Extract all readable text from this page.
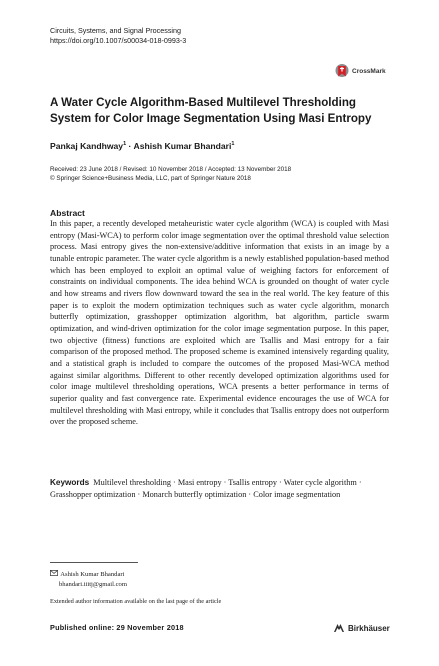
Circuits, Systems, and Signal Processing
https://doi.org/10.1007/s00034-018-0993-3
CrossMark
A Water Cycle Algorithm-Based Multilevel Thresholding System for Color Image Segmentation Using Masi Entropy
Pankaj Kandhway$^1$ · Ashish Kumar Bhandari$^1$
Received: 23 June 2018 / Revised: 10 November 2018 / Accepted: 13 November 2018
© Springer Science+Business Media, LLC, part of Springer Nature 2018
Abstract

In this paper, a recently developed metaheuristic water cycle algorithm (WCA) is coupled with Masi entropy (Masi-WCA) to perform color image segmentation over the optimal threshold value selection process. Masi entropy gives the non-extensive/additive information that exists in an image by a tunable entropic parameter. The water cycle algorithm is a newly established population-based method which has been employed to exploit an optimal value of weighing factors for enforcement of constraints on individual components. The idea behind WCA is grounded on thought of water cycle and how streams and rivers flow downward toward the sea in the real world. The key feature of this paper is to exploit the modern optimization techniques such as water cycle algorithm, monarch butterfly optimization, grasshopper optimization algorithm, bat algorithm, particle swarm optimization, and wind-driven optimization for the color image segmentation purpose. In this paper, two objective (fitness) functions are exploited which are Tsallis and Masi entropy for a fair comparison of the proposed method. The proposed scheme is examined intensively regarding quality, and a statistical graph is included to compare the outcomes of the proposed Masi-WCA method against similar algorithms. Different to other recently developed optimization algorithms used for color image multilevel thresholding operations, WCA presents a better performance in terms of superior quality and fast convergence rate. Experimental evidence encourages the use of WCA for multilevel thresholding with Masi entropy, while it concludes that Tsallis entropy does not outperform over the proposed scheme.

Keywords Multilevel thresholding · Masi entropy · Tsallis entropy · Water cycle algorithm · Grasshopper optimization · Monarch butterfly optimization · Color image segmentation

Ashish Kumar Bhandari
bhandari.iiitj@gmail.com
Extended author information available on the last page of the article
Published online: 29 November 2018	Birkhäuser
